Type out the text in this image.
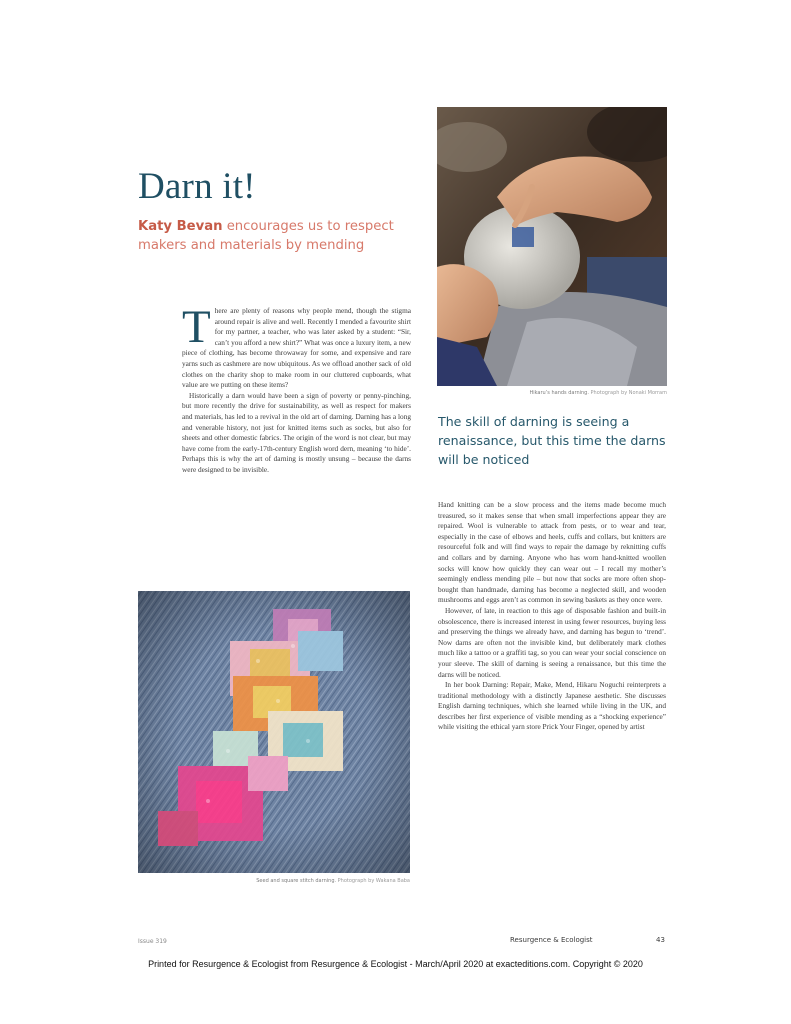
Darn it!

Katy Bevan encourages us to respect makers and materials by mending

Hikaru’s hands darning. Photograph by Nonaki Morram

The skill of darning is seeing a renaissance, but this time the darns will be noticed

There are plenty of reasons why people mend, though the stigma around repair is alive and well. Recently I mended a favourite shirt for my partner, a teacher, who was later asked by a student: “Sir, can’t you afford a new shirt?” What was once a luxury item, a new piece of clothing, has become throwaway for some, and expensive and rare yarns such as cashmere are now ubiquitous. As we offload another sack of old clothes on the charity shop to make room in our cluttered cupboards, what value are we putting on these items?

Historically a darn would have been a sign of poverty or penny-pinching, but more recently the drive for sustainability, as well as respect for makers and materials, has led to a revival in the old art of darning. Darning has a long and venerable history, not just for knitted items such as socks, but also for sheets and other domestic fabrics. The origin of the word is not clear, but may have come from the early-17th-century English word dern, meaning ‘to hide’. Perhaps this is why the art of darning is mostly unsung – because the darns were designed to be invisible.

Seed and square stitch darning. Photograph by Wakana Baba

Hand knitting can be a slow process and the items made become much treasured, so it makes sense that when small imperfections appear they are repaired. Wool is vulnerable to attack from pests, or to wear and tear, especially in the case of elbows and heels, cuffs and collars, but knitters are resourceful folk and will find ways to repair the damage by reknitting cuffs and collars and by darning. Anyone who has worn hand-knitted woollen socks will know how quickly they can wear out – I recall my mother’s seemingly endless mending pile – but now that socks are more often shop-bought than handmade, darning has become a neglected skill, and wooden mushrooms and eggs aren’t as common in sewing baskets as they once were.

However, of late, in reaction to this age of disposable fashion and built-in obsolescence, there is increased interest in using fewer resources, buying less and preserving the things we already have, and darning has begun to ‘trend’. Now darns are often not the invisible kind, but deliberately mark clothes much like a tattoo or a graffiti tag, so you can wear your social conscience on your sleeve. The skill of darning is seeing a renaissance, but this time the darns will be noticed.

In her book Darning: Repair, Make, Mend, Hikaru Noguchi reinterprets a traditional methodology with a distinctly Japanese aesthetic. She discusses English darning techniques, which she learned while living in the UK, and describes her first experience of visible mending as a “shocking experience” while visiting the ethical yarn store Prick Your Finger, opened by artist

Issue 319	Resurgence & Ecologist	43
Printed for Resurgence & Ecologist from Resurgence & Ecologist - March/April 2020 at exacteditions.com. Copyright © 2020
